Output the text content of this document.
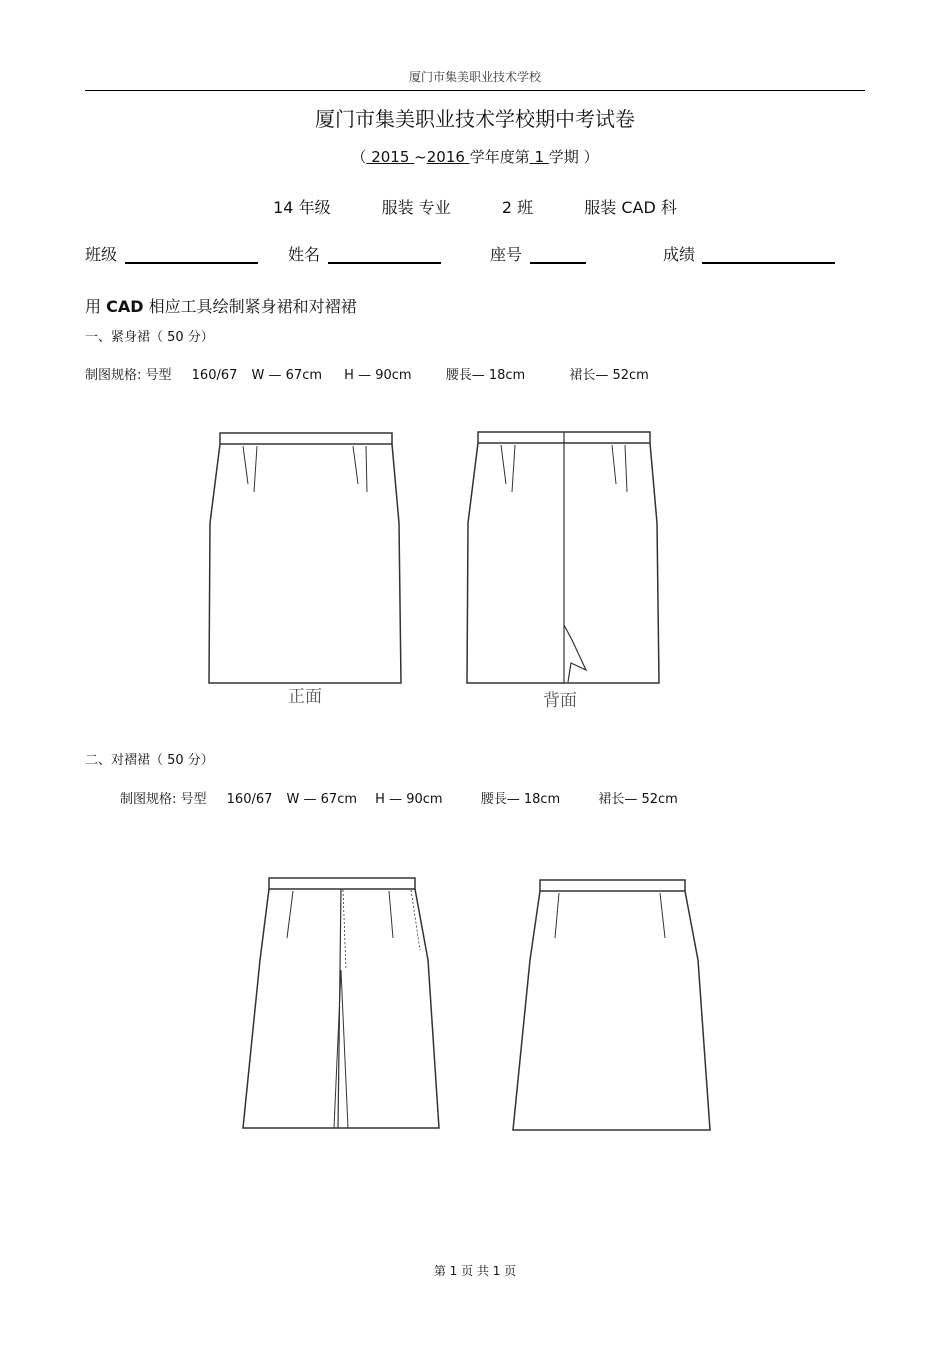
厦门市集美职业技术学校
厦门市集美职业技术学校期中考试卷
（ 2015 ~2016 学年度第 1 学期 ）
14 年级	服装 专业	2 班	服装 CAD 科
班级	姓名	座号	成绩
用 CAD 相应工具绘制紧身裙和对褶裙
一、紧身裙（ 50 分）
制图规格: 号型 160/67 W — 67cm H — 90cm	腰長— 18cm	裙长— 52cm
正面	背面
二、对褶裙（ 50 分）
制图规格: 号型 160/67 W — 67cm H — 90cm	腰長— 18cm	裙长— 52cm
第 1 页 共 1 页
